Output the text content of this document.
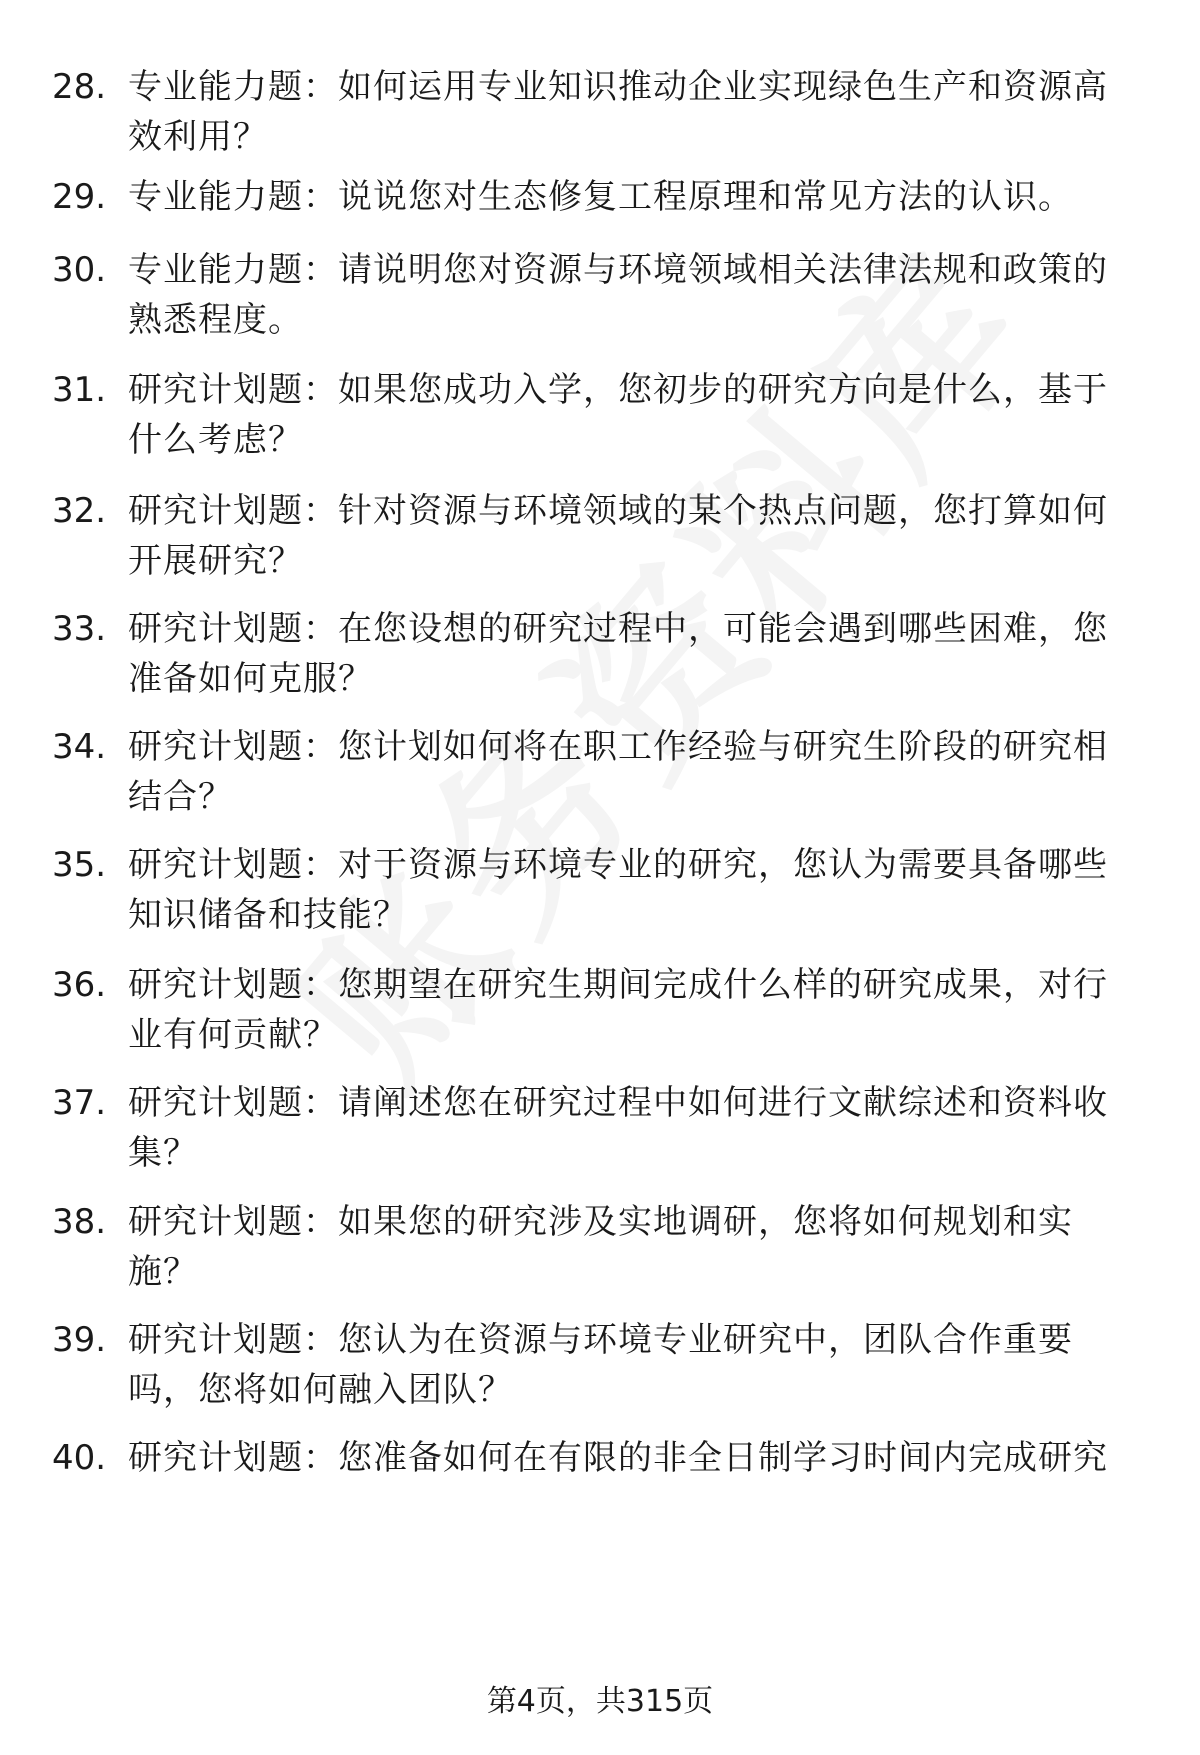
28. 专业能力题：如何运用专业知识推动企业实现绿色生产和资源高效利用？
29. 专业能力题：说说您对生态修复工程原理和常见方法的认识。
30. 专业能力题：请说明您对资源与环境领域相关法律法规和政策的熟悉程度。
31. 研究计划题：如果您成功入学，您初步的研究方向是什么，基于什么考虑？
32. 研究计划题：针对资源与环境领域的某个热点问题，您打算如何开展研究？
33. 研究计划题：在您设想的研究过程中，可能会遇到哪些困难，您准备如何克服？
34. 研究计划题：您计划如何将在职工作经验与研究生阶段的研究相结合？
35. 研究计划题：对于资源与环境专业的研究，您认为需要具备哪些知识储备和技能？
36. 研究计划题：您期望在研究生期间完成什么样的研究成果，对行业有何贡献？
37. 研究计划题：请阐述您在研究过程中如何进行文献综述和资料收集？
38. 研究计划题：如果您的研究涉及实地调研，您将如何规划和实施？
39. 研究计划题：您认为在资源与环境专业研究中，团队合作重要吗，您将如何融入团队？
40. 研究计划题：您准备如何在有限的非全日制学习时间内完成研究
第4页，共315页
